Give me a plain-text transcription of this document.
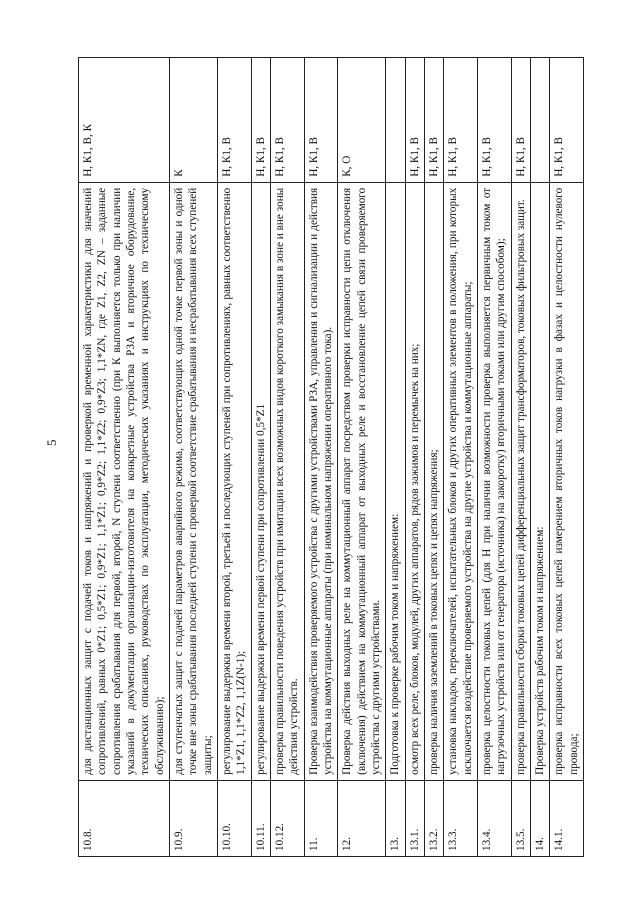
5
10.8.	для дистанционных защит с подачей токов и напряжений и проверкой временной характеристики для значений сопротивлений, равных 0*Z1; 0,5*Z1; 0,9*Z1; 1,1*Z1; 0,9*Z2; 1,1*Z2; 0,9*Z3; 1,1*ZN, где Z1, Z2, ZN – заданные сопротивления срабатывания для первой, второй, N ступени соответственно (при К выполняется только при наличии указаний в документации организации-изготовителя на конкретные устройства РЗА и вторичное оборудование, технических описаниях, руководствах по эксплуатации, методических указаниях и инструкциях по техническому обслуживанию);	Н, К1, В, К
10.9.	для ступенчатых защит с подачей параметров аварийного режима, соответствующих одной точке первой зоны и одной точке вне зоны срабатывания последней ступени с проверкой соответствие срабатывания и несрабатывания всех ступеней защиты;	К
10.10.	регулирование выдержки времени второй, третьей и последующих ступеней при сопротивлениях, равных соответственно 1,1*Z1, 1,1*Z2, 1,1Z(N-1);	Н, К1, В
10.11.	регулирование выдержки времени первой ступени при сопротивлении 0,5*Z1	Н, К1, В
10.12.	проверка правильности поведения устройств при имитации всех возможных видов короткого замыкания в зоне и вне зоны действия устройств.	Н, К1, В
11.	Проверка взаимодействия проверяемого устройства с другими устройствами РЗА, управления и сигнализации и действия устройства на коммутационные аппараты (при номинальном напряжении оперативного тока).	Н, К1, В
12.	Проверка действия выходных реле на коммутационный аппарат посредством проверки исправности цепи отключения (включения) действием на коммутационный аппарат от выходных реле и восстановление цепей связи проверяемого устройства с другими устройствами.	К, О
13.	Подготовка к проверке рабочим током и напряжением:	
13.1.	осмотр всех реле, блоков, модулей, других аппаратов, рядов зажимов и перемычек на них;	Н, К1, В
13.2.	проверка наличия заземлений в токовых цепях и цепях напряжения;	Н, К1, В
13.3.	установка накладок, переключателей, испытательных блоков и других оперативных элементов в положения, при которых исключается воздействие проверяемого устройства на другие устройства и коммутационные аппараты;	Н, К1, В
13.4.	проверка целостности токовых цепей (для Н при наличии возможности проверка выполняется первичным током от нагрузочных устройств или от генератора (источника) на закоротку) вторичными токами или другим способом);	Н, К1, В
13.5.	проверка правильности сборки токовых цепей дифференциальных защит трансформаторов, токовых фильтровых защит.	Н, К1, В
14.	Проверка устройств рабочим током и напряжением:	
14.1.	проверка исправности всех токовых цепей измерением вторичных токов нагрузки в фазах и целостности нулевого провода;	Н, К1, В
